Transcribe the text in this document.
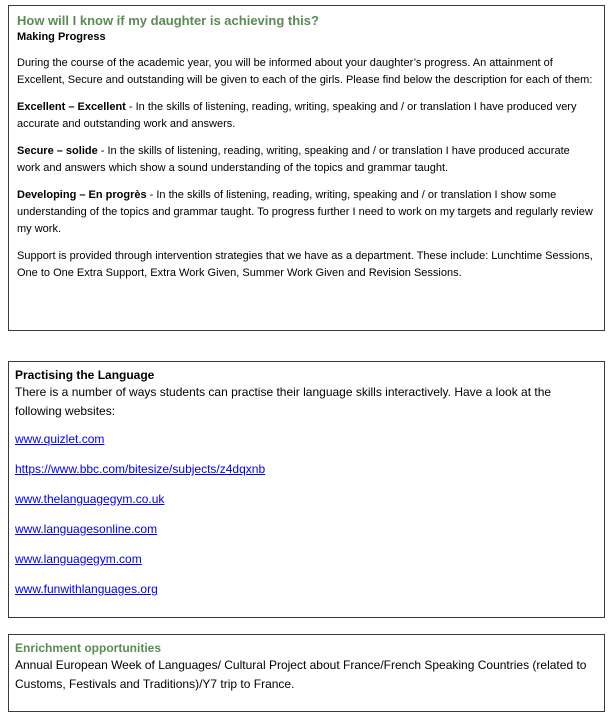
How will I know if my daughter is achieving this?

Making Progress

During the course of the academic year, you will be informed about your daughter’s progress. An attainment of Excellent, Secure and outstanding will be given to each of the girls. Please find below the description for each of them:

Excellent – Excellent - In the skills of listening, reading, writing, speaking and / or translation I have produced very accurate and outstanding work and answers.

Secure – solide - In the skills of listening, reading, writing, speaking and / or translation I have produced accurate work and answers which show a sound understanding of the topics and grammar taught.

Developing – En progrès - In the skills of listening, reading, writing, speaking and / or translation I show some understanding of the topics and grammar taught. To progress further I need to work on my targets and regularly review my work.

Support is provided through intervention strategies that we have as a department. These include: Lunchtime Sessions, One to One Extra Support, Extra Work Given, Summer Work Given and Revision Sessions.

Practising the Language

There is a number of ways students can practise their language skills interactively. Have a look at the following websites:

www.quizlet.com
https://www.bbc.com/bitesize/subjects/z4dqxnb
www.thelanguagegym.co.uk
www.languagesonline.com
www.languagegym.com
www.funwithlanguages.org
Enrichment opportunities

Annual European Week of Languages/ Cultural Project about France/French Speaking Countries (related to Customs, Festivals and Traditions)/Y7 trip to France.
